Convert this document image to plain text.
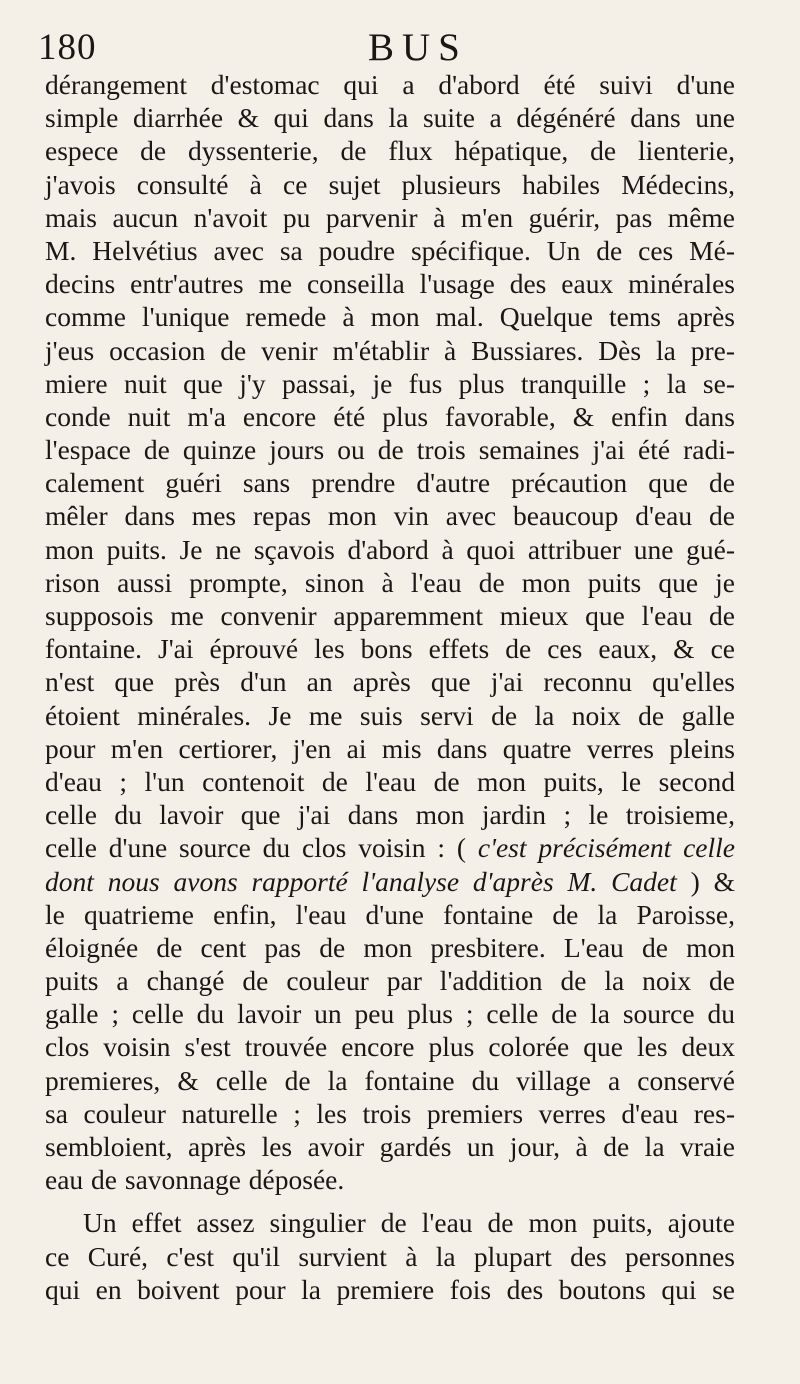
180	BUS
dérangement d'estomac qui a d'abord été suivi d'une
simple diarrhée & qui dans la suite a dégénéré dans une
espece de dyssenterie, de flux hépatique, de lienterie,
j'avois consulté à ce sujet plusieurs habiles Médecins,
mais aucun n'avoit pu parvenir à m'en guérir, pas même
M. Helvétius avec sa poudre spécifique. Un de ces Mé-
decins entr'autres me conseilla l'usage des eaux minérales
comme l'unique remede à mon mal. Quelque tems après
j'eus occasion de venir m'établir à Bussiares. Dès la pre-
miere nuit que j'y passai, je fus plus tranquille ; la se-
conde nuit m'a encore été plus favorable, & enfin dans
l'espace de quinze jours ou de trois semaines j'ai été radi-
calement guéri sans prendre d'autre précaution que de
mêler dans mes repas mon vin avec beaucoup d'eau de
mon puits. Je ne sçavois d'abord à quoi attribuer une gué-
rison aussi prompte, sinon à l'eau de mon puits que je
supposois me convenir apparemment mieux que l'eau de
fontaine. J'ai éprouvé les bons effets de ces eaux, & ce
n'est que près d'un an après que j'ai reconnu qu'elles
étoient minérales. Je me suis servi de la noix de galle
pour m'en certiorer, j'en ai mis dans quatre verres pleins
d'eau ; l'un contenoit de l'eau de mon puits, le second
celle du lavoir que j'ai dans mon jardin ; le troisieme,
celle d'une source du clos voisin : ( c'est précisément celle
dont nous avons rapporté l'analyse d'après M. Cadet ) &
le quatrieme enfin, l'eau d'une fontaine de la Paroisse,
éloignée de cent pas de mon presbitere. L'eau de mon
puits a changé de couleur par l'addition de la noix de
galle ; celle du lavoir un peu plus ; celle de la source du
clos voisin s'est trouvée encore plus colorée que les deux
premieres, & celle de la fontaine du village a conservé
sa couleur naturelle ; les trois premiers verres d'eau res-
sembloient, après les avoir gardés un jour, à de la vraie
eau de savonnage déposée.
Un effet assez singulier de l'eau de mon puits, ajoute
ce Curé, c'est qu'il survient à la plupart des personnes
qui en boivent pour la premiere fois des boutons qui se
